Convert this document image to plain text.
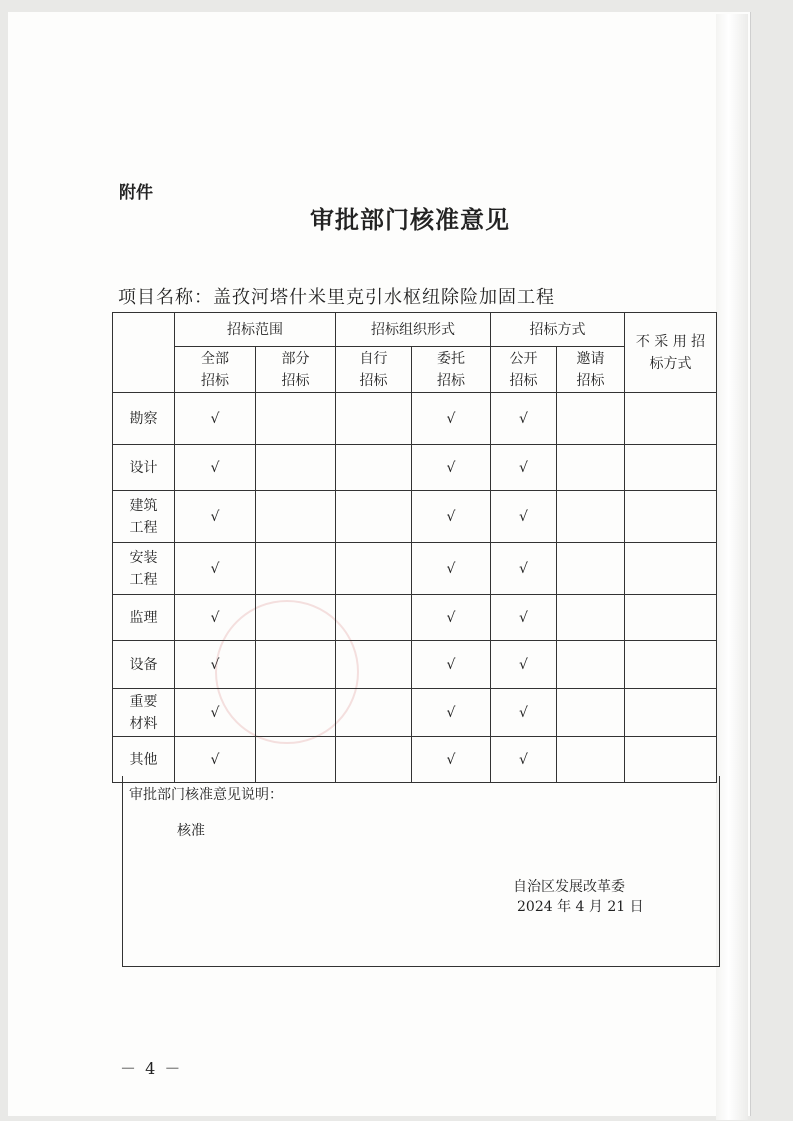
附件
审批部门核准意见
项目名称：盖孜河塔什米里克引水枢纽除险加固工程
	招标范围		招标组织形式		招标方式		不 采 用 招标方式
	全部 招标	部分 招标	自行 招标	委托 招标	公开 招标	邀请 招标	
勘察	√			√	√		
设计	√			√	√		
建筑 工程	√			√	√		
安装 工程	√			√	√		
监理	√			√	√		
设备	√			√	√		
重要 材料	√			√	√		
其他	√			√	√		
审批部门核准意见说明：
核准
自治区发展改革委
2024 年 4 月 21 日
－ 4 －
